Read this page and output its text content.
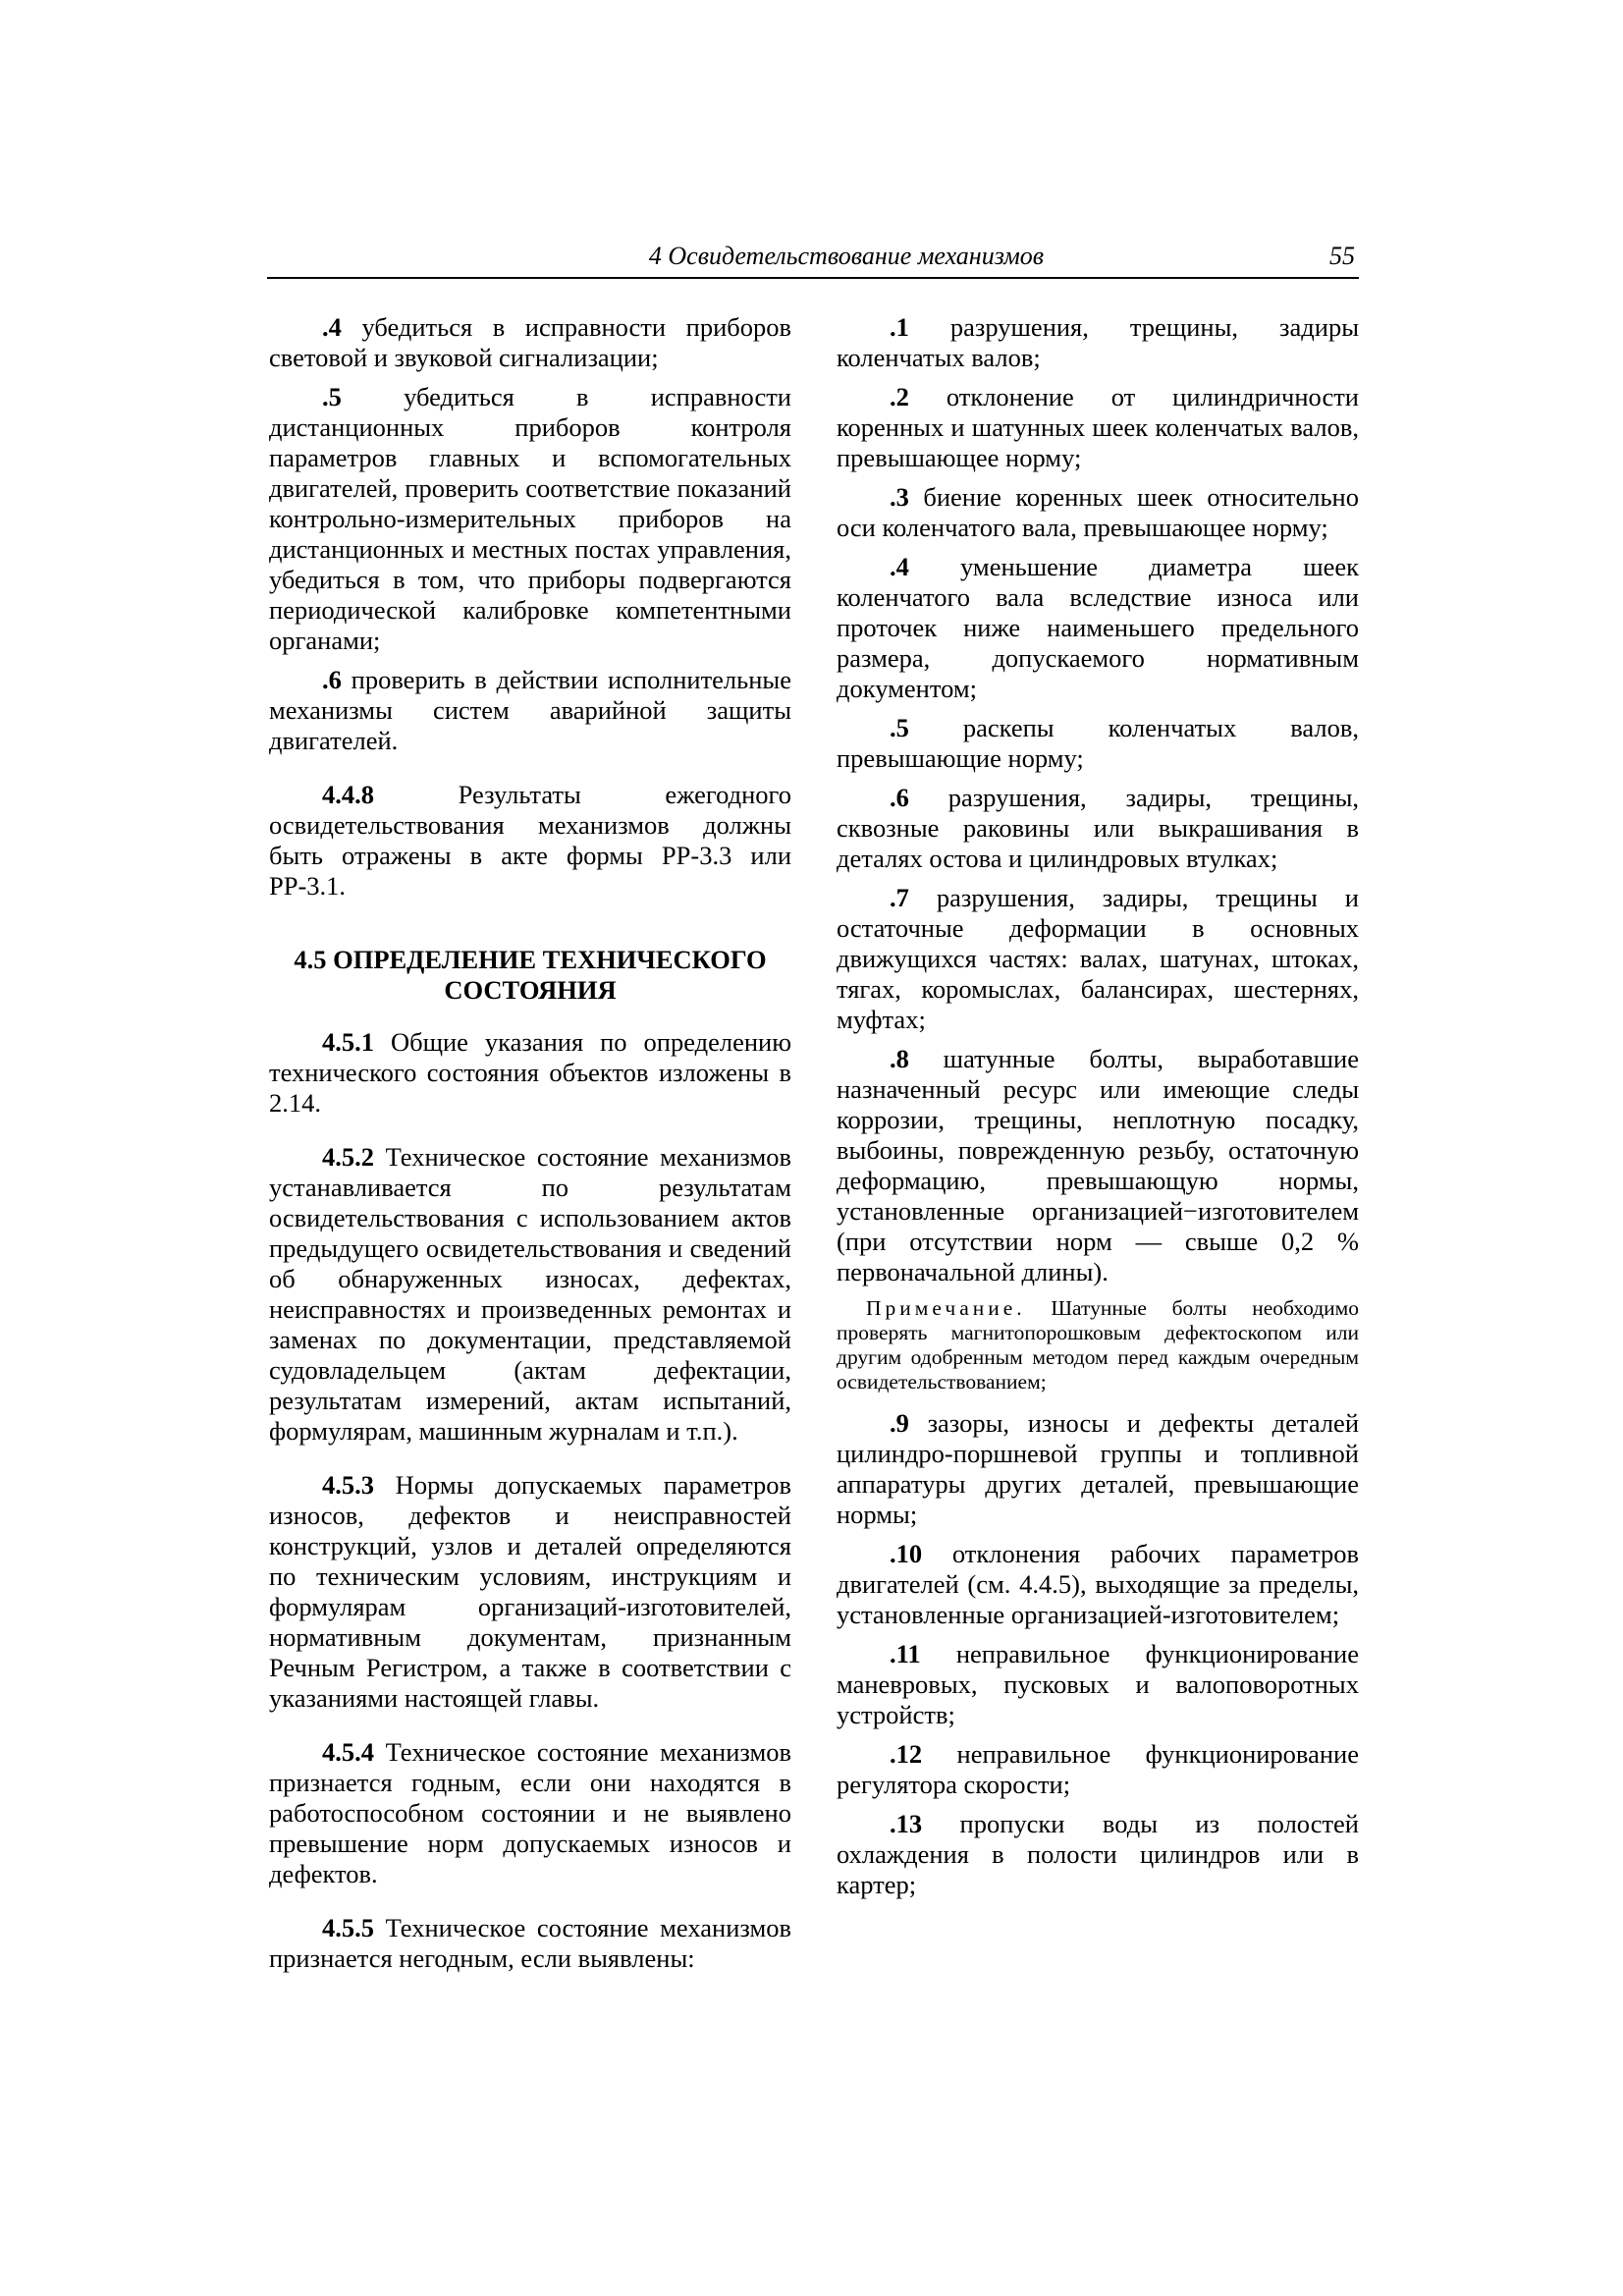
4 Освидетельствование механизмов	55

.4 убедиться в исправности приборов световой и звуковой сигнализации;

.5 убедиться в исправности дистанционных приборов контроля параметров главных и вспомогательных двигателей, проверить соответствие показаний контрольно-измерительных приборов на дистанционных и местных постах управления, убедиться в том, что приборы подвергаются периодической калибровке компетентными органами;

.6 проверить в действии исполнительные механизмы систем аварийной защиты двигателей.

4.4.8 Результаты ежегодного освидетельствования механизмов должны быть отражены в акте формы РР-3.3 или РР-3.1.

4.5 ОПРЕДЕЛЕНИЕ ТЕХНИЧЕСКОГО СОСТОЯНИЯ

4.5.1 Общие указания по определению технического состояния объектов изложены в 2.14.

4.5.2 Техническое состояние механизмов устанавливается по результатам освидетельствования с использованием актов предыдущего освидетельствования и сведений об обнаруженных износах, дефектах, неисправностях и произведенных ремонтах и заменах по документации, представляемой судовладельцем (актам дефектации, результатам измерений, актам испытаний, формулярам, машинным журналам и т.п.).

4.5.3 Нормы допускаемых параметров износов, дефектов и неисправностей конструкций, узлов и деталей определяются по техническим условиям, инструкциям и формулярам организаций-изготовителей, нормативным документам, признанным Речным Регистром, а также в соответствии с указаниями настоящей главы.

4.5.4 Техническое состояние механизмов признается годным, если они находятся в работоспособном состоянии и не выявлено превышение норм допускаемых износов и дефектов.

4.5.5 Техническое состояние механизмов признается негодным, если выявлены:

.1 разрушения, трещины, задиры коленчатых валов;

.2 отклонение от цилиндричности коренных и шатунных шеек коленчатых валов, превышающее норму;

.3 биение коренных шеек относительно оси коленчатого вала, превышающее норму;

.4 уменьшение диаметра шеек коленчатого вала вследствие износа или проточек ниже наименьшего предельного размера, допускаемого нормативным документом;

.5 раскепы коленчатых валов, превышающие норму;

.6 разрушения, задиры, трещины, сквозные раковины или выкрашивания в деталях остова и цилиндровых втулках;

.7 разрушения, задиры, трещины и остаточные деформации в основных движущихся частях: валах, шатунах, штоках, тягах, коромыслах, балансирах, шестернях, муфтах;

.8 шатунные болты, выработавшие назначенный ресурс или имеющие следы коррозии, трещины, неплотную посадку, выбоины, поврежденную резьбу, остаточную деформацию, превышающую нормы, установленные организацией−изготовителем (при отсутствии норм — свыше 0,2 % первоначальной длины).

Примечание. Шатунные болты необходимо проверять магнитопорошковым дефектоскопом или другим одобренным методом перед каждым очередным освидетельствованием;

.9 зазоры, износы и дефекты деталей цилиндро-поршневой группы и топливной аппаратуры других деталей, превышающие нормы;

.10 отклонения рабочих параметров двигателей (см. 4.4.5), выходящие за пределы, установленные организацией-изготовителем;

.11 неправильное функционирование маневровых, пусковых и валоповоротных устройств;

.12 неправильное функционирование регулятора скорости;

.13 пропуски воды из полостей охлаждения в полости цилиндров или в картер;
